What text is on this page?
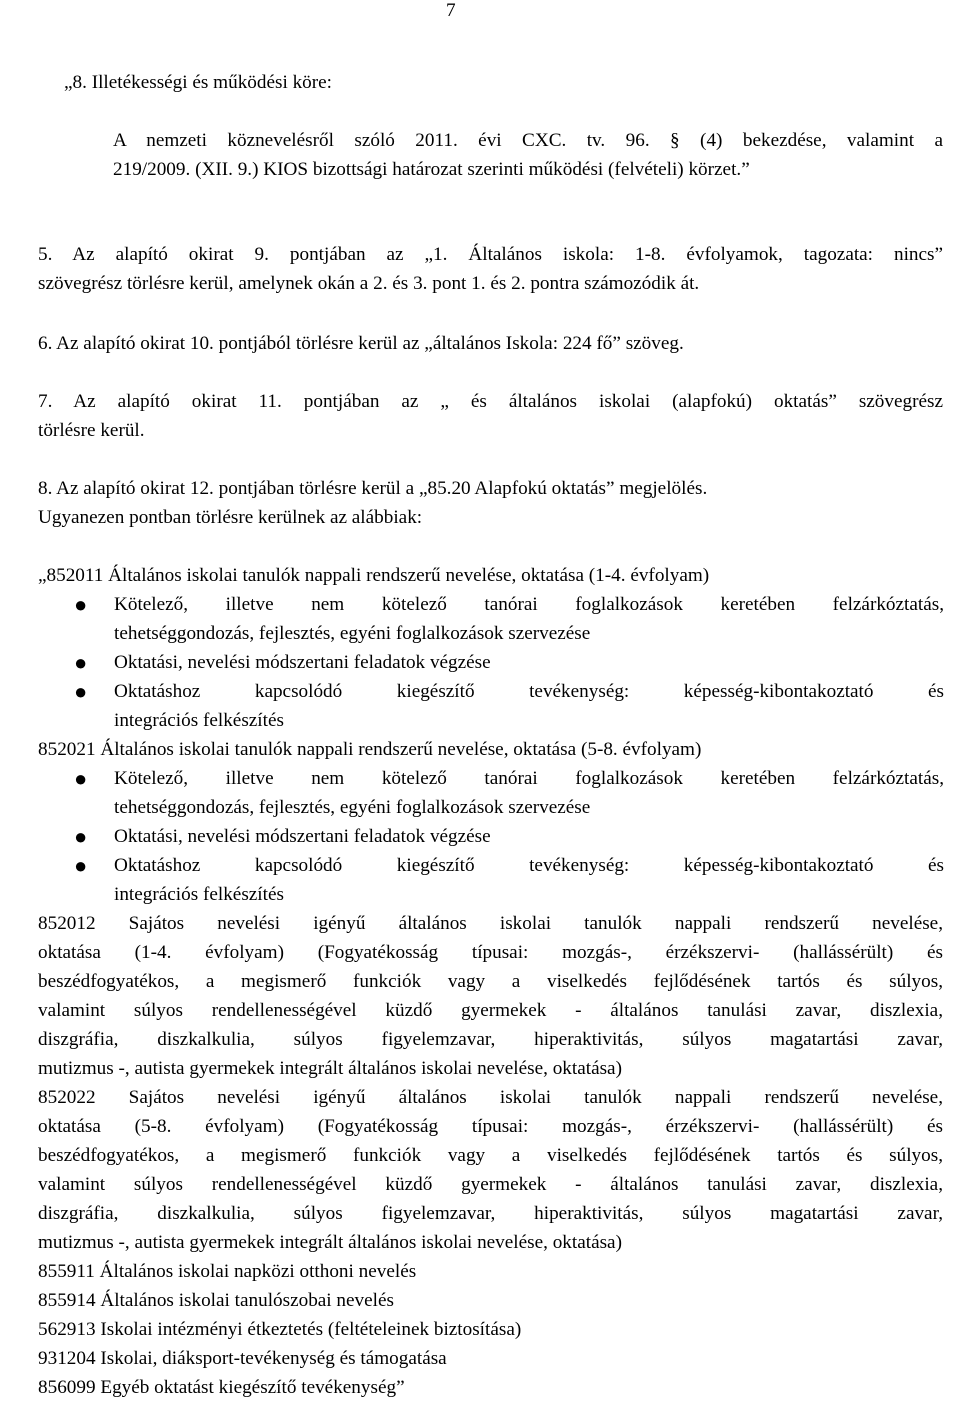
7

„8. Illetékességi és működési köre:

A nemzeti köznevelésről szóló 2011. évi CXC. tv. 96. § (4) bekezdése, valamint a

219/2009. (XII. 9.) KIOS bizottsági határozat szerinti működési (felvételi) körzet.”

5. Az alapító okirat 9. pontjában az „1. Általános iskola: 1-8. évfolyamok, tagozata: nincs”

szövegrész törlésre kerül, amelynek okán a 2. és 3. pont 1. és 2. pontra számozódik át.

6. Az alapító okirat 10. pontjából törlésre kerül az „általános Iskola: 224 fő” szöveg.

7. Az alapító okirat 11. pontjában az „ és általános iskolai (alapfokú) oktatás” szövegrész

törlésre kerül.

8. Az alapító okirat 12. pontjában törlésre kerül a „85.20 Alapfokú oktatás” megjelölés.

Ugyanezen pontban törlésre kerülnek az alábbiak:

„852011 Általános iskolai tanulók nappali rendszerű nevelése, oktatása (1-4. évfolyam)

● Kötelező, illetve nem kötelező tanórai foglalkozások keretében felzárkóztatás,

tehetséggondozás, fejlesztés, egyéni foglalkozások szervezése

● Oktatási, nevelési módszertani feladatok végzése

● Oktatáshoz kapcsolódó kiegészítő tevékenység: képesség-kibontakoztató és

integrációs felkészítés

852021 Általános iskolai tanulók nappali rendszerű nevelése, oktatása (5-8. évfolyam)

● Kötelező, illetve nem kötelező tanórai foglalkozások keretében felzárkóztatás,

tehetséggondozás, fejlesztés, egyéni foglalkozások szervezése

● Oktatási, nevelési módszertani feladatok végzése

● Oktatáshoz kapcsolódó kiegészítő tevékenység: képesség-kibontakoztató és

integrációs felkészítés

852012 Sajátos nevelési igényű általános iskolai tanulók nappali rendszerű nevelése,

oktatása (1-4. évfolyam) (Fogyatékosság típusai: mozgás-, érzékszervi- (hallássérült) és

beszédfogyatékos, a megismerő funkciók vagy a viselkedés fejlődésének tartós és súlyos,

valamint súlyos rendellenességével küzdő gyermekek - általános tanulási zavar, diszlexia,

diszgráfia, diszkalkulia, súlyos figyelemzavar, hiperaktivitás, súlyos magatartási zavar,

mutizmus -, autista gyermekek integrált általános iskolai nevelése, oktatása)

852022 Sajátos nevelési igényű általános iskolai tanulók nappali rendszerű nevelése,

oktatása (5-8. évfolyam) (Fogyatékosság típusai: mozgás-, érzékszervi- (hallássérült) és

beszédfogyatékos, a megismerő funkciók vagy a viselkedés fejlődésének tartós és súlyos,

valamint súlyos rendellenességével küzdő gyermekek - általános tanulási zavar, diszlexia,

diszgráfia, diszkalkulia, súlyos figyelemzavar, hiperaktivitás, súlyos magatartási zavar,

mutizmus -, autista gyermekek integrált általános iskolai nevelése, oktatása)

855911 Általános iskolai napközi otthoni nevelés

855914 Általános iskolai tanulószobai nevelés

562913 Iskolai intézményi étkeztetés (feltételeinek biztosítása)

931204 Iskolai, diáksport-tevékenység és támogatása

856099 Egyéb oktatást kiegészítő tevékenység”
